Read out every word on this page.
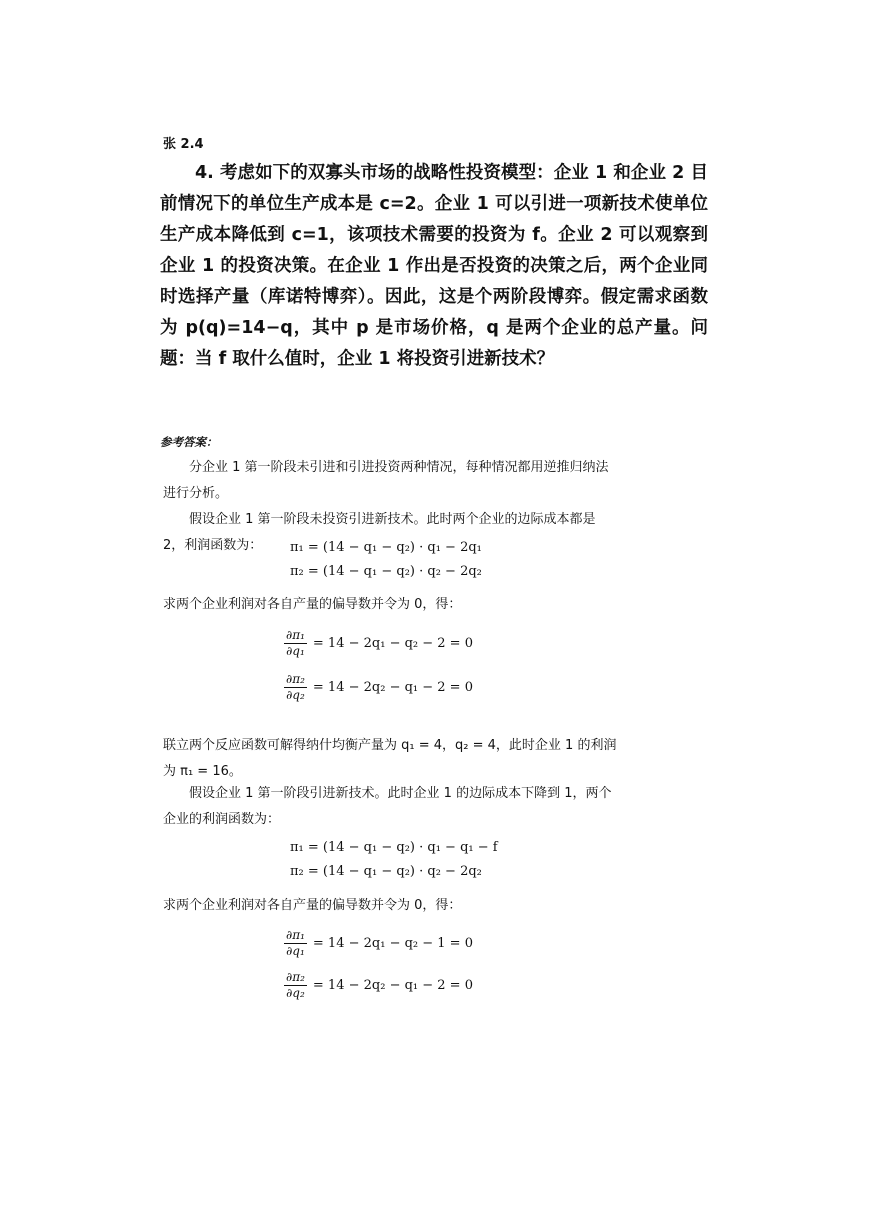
张 2.4

4. 考虑如下的双寡头市场的战略性投资模型：企业 1 和企业 2 目前情况下的单位生产成本是 c=2。企业 1 可以引进一项新技术使单位生产成本降低到 c=1，该项技术需要的投资为 f。企业 2 可以观察到企业 1 的投资决策。在企业 1 作出是否投资的决策之后，两个企业同时选择产量（库诺特博弈）。因此，这是个两阶段博弈。假定需求函数为 p(q)=14−q，其中 p 是市场价格，q 是两个企业的总产量。问题：当 f 取什么值时，企业 1 将投资引进新技术？

参考答案：

分企业 1 第一阶段未引进和引进投资两种情况，每种情况都用逆推归纳法进行分析。

假设企业 1 第一阶段未投资引进新技术。此时两个企业的边际成本都是 2，利润函数为：	π₁ = (14 − q₁ − q₂) · q₁ − 2q₁
π₂ = (14 − q₁ − q₂) · q₂ − 2q₂

求两个企业利润对各自产量的偏导数并令为 0，得：

$\frac{\text{∂π₁}}{\text{∂q₁}} = 14 - 2q_1 - q_2 - 2 = 0$
$\frac{\text{∂π₂}}{\text{∂q₂}} = 14 - 2q_2 - q_1 - 2 = 0$

联立两个反应函数可解得纳什均衡产量为 q₁ = 4，q₂ = 4，此时企业 1 的利润为 π₁ = 16。

假设企业 1 第一阶段引进新技术。此时企业 1 的边际成本下降到 1，两个企业的利润函数为：

π₁ = (14 − q₁ − q₂) · q₁ − q₁ − f
π₂ = (14 − q₁ − q₂) · q₂ − 2q₂

求两个企业利润对各自产量的偏导数并令为 0，得：

$\frac{\text{∂π₁}}{\text{∂q₁}} = 14 - 2q_1 - q_2 - 1 = 0$
$\frac{\text{∂π₂}}{\text{∂q₂}} = 14 - 2q_2 - q_1 - 2 = 0$
